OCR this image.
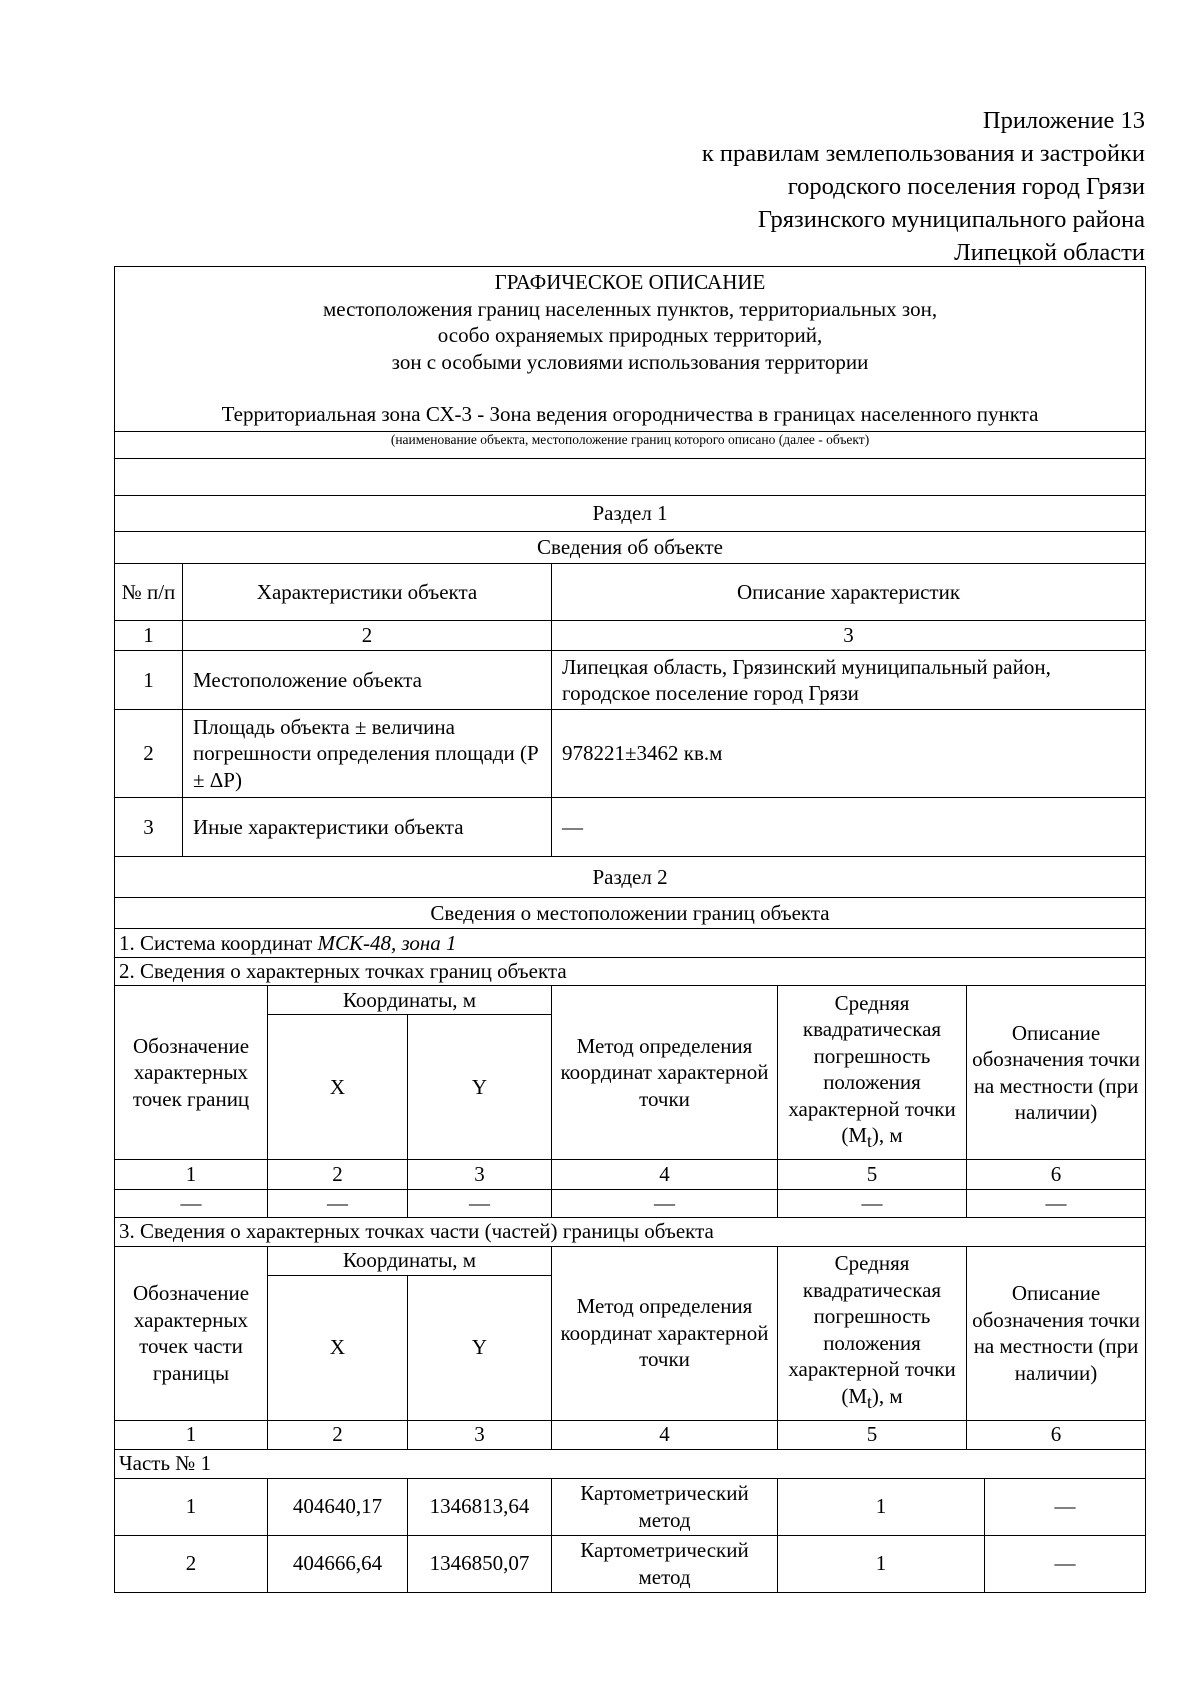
Приложение 13
к правилам землепользования и застройки
городского поселения город Грязи
Грязинского муниципального района
Липецкой области
ГРАФИЧЕСКОЕ ОПИСАНИЕ
местоположения границ населенных пунктов, территориальных зон,
особо охраняемых природных территорий,
зон с особыми условиями использования территории
Территориальная зона СХ-3 - Зона ведения огородничества в границах населенного пункта							

(наименование объекта, местоположение границ которого описано (далее - объект)							

Раздел 1							
Сведения об объекте							
№ п/п	Характеристики объекта			Описание характеристик			
1	2			3			
1	Местоположение объекта			Липецкая область, Грязинский муниципальный район, городское поселение город Грязи			
2	Площадь объекта ± величина погрешности определения площади (P ± ΔP)			978221±3462 кв.м			
3	Иные характеристики объекта			—			
Раздел 2							
Сведения о местоположении границ объекта							
1. Система координат МСК-48, зона 1							
2. Сведения о характерных точках границ объекта							
Обозначение характерных точек границ		Координаты, м		Метод определения координат характерной точки	Средняя квадратическая погрешность положения характерной точки $(M_t)$, м	Описание обозначения точки на местности (при наличии)	
		X	Y				
1		2	3	4	5	6	
—		—	—	—	—	—	
3. Сведения о характерных точках части (частей) границы объекта							
Обозначение характерных точек части границы		Координаты, м		Метод определения координат характерной точки	Средняя квадратическая погрешность положения характерной точки $(M_t)$, м	Описание обозначения точки на местности (при наличии)	
		X	Y				
1		2	3	4	5	6	
Часть № 1							
1		404640,17	1346813,64	Картометрический метод	1		—
2		404666,64	1346850,07	Картометрический метод	1		—
